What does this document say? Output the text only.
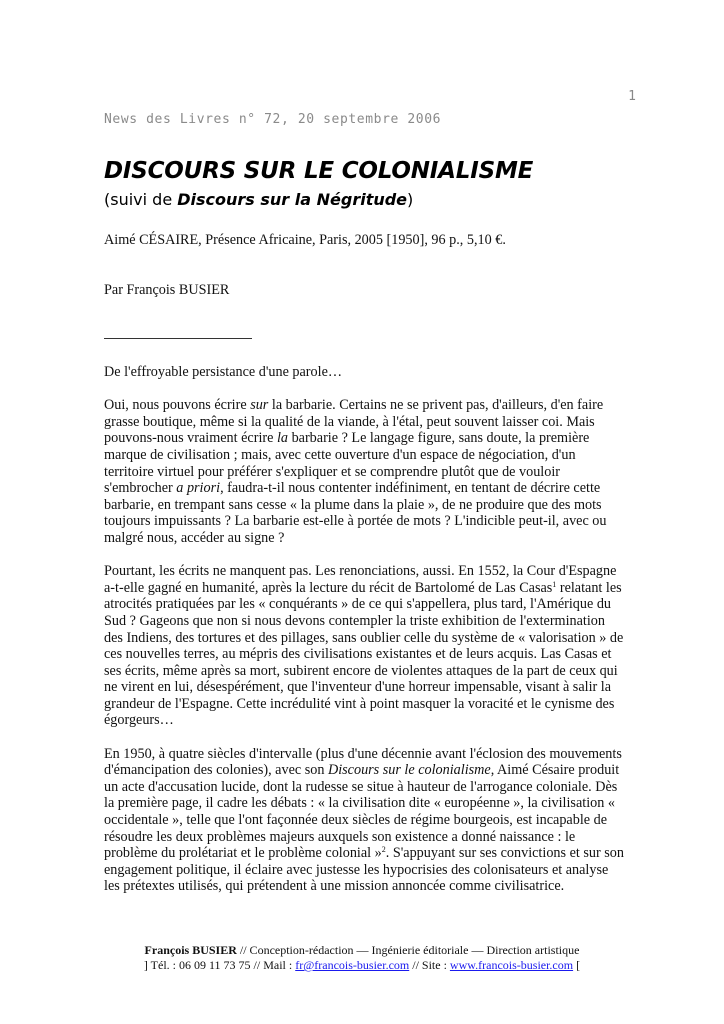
1
News des Livres n° 72, 20 septembre 2006
DISCOURS SUR LE COLONIALISME
(suivi de Discours sur la Négritude)
Aimé CÉSAIRE, Présence Africaine, Paris, 2005 [1950], 96 p., 5,10 €.
Par François BUSIER

De l'effroyable persistance d'une parole…

Oui, nous pouvons écrire sur la barbarie. Certains ne se privent pas, d'ailleurs, d'en faire grasse boutique, même si la qualité de la viande, à l'étal, peut souvent laisser coi. Mais pouvons-nous vraiment écrire la barbarie ? Le langage figure, sans doute, la première marque de civilisation ; mais, avec cette ouverture d'un espace de négociation, d'un territoire virtuel pour préférer s'expliquer et se comprendre plutôt que de vouloir s'embrocher a priori, faudra-t-il nous contenter indéfiniment, en tentant de décrire cette barbarie, en trempant sans cesse « la plume dans la plaie », de ne produire que des mots toujours impuissants ? La barbarie est-elle à portée de mots ? L'indicible peut-il, avec ou malgré nous, accéder au signe ?

Pourtant, les écrits ne manquent pas. Les renonciations, aussi. En 1552, la Cour d'Espagne a-t-elle gagné en humanité, après la lecture du récit de Bartolomé de Las Casas$^1$ relatant les atrocités pratiquées par les « conquérants » de ce qui s'appellera, plus tard, l'Amérique du Sud ? Gageons que non si nous devons contempler la triste exhibition de l'extermination des Indiens, des tortures et des pillages, sans oublier celle du système de « valorisation » de ces nouvelles terres, au mépris des civilisations existantes et de leurs acquis. Las Casas et ses écrits, même après sa mort, subirent encore de violentes attaques de la part de ceux qui ne virent en lui, désespérément, que l'inventeur d'une horreur impensable, visant à salir la grandeur de l'Espagne. Cette incrédulité vint à point masquer la voracité et le cynisme des égorgeurs…

En 1950, à quatre siècles d'intervalle (plus d'une décennie avant l'éclosion des mouvements d'émancipation des colonies), avec son Discours sur le colonialisme, Aimé Césaire produit un acte d'accusation lucide, dont la rudesse se situe à hauteur de l'arrogance coloniale. Dès la première page, il cadre les débats : « la civilisation dite « européenne », la civilisation « occidentale », telle que l'ont façonnée deux siècles de régime bourgeois, est incapable de résoudre les deux problèmes majeurs auxquels son existence a donné naissance : le problème du prolétariat et le problème colonial »$^2$. S'appuyant sur ses convictions et sur son engagement politique, il éclaire avec justesse les hypocrisies des colonisateurs et analyse les prétextes utilisés, qui prétendent à une mission annoncée comme civilisatrice.

François BUSIER // Conception-rédaction — Ingénierie éditoriale — Direction artistique
] Tél. : 06 09 11 73 75 // Mail : fr@francois-busier.com // Site : www.francois-busier.com [
